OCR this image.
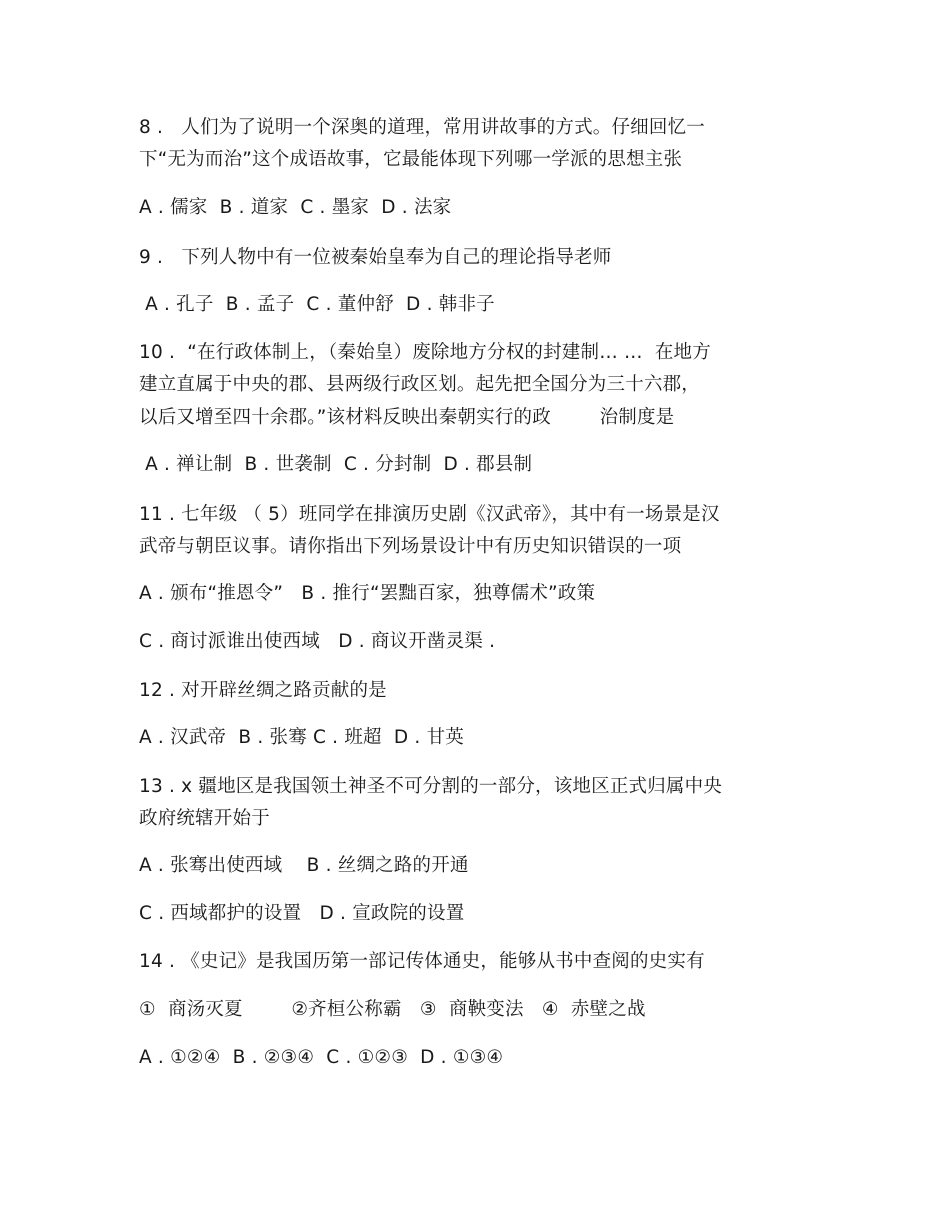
8 .   人们为了说明一个深奥的道理，常用讲故事的方式。仔细回忆一
下“无为而治”这个成语故事，它最能体现下列哪一学派的思想主张
A . 儒家  B . 道家  C . 墨家  D . 法家
9 .   下列人物中有一位被秦始皇奉为自己的理论指导老师
A . 孔子  B . 孟子  C . 董仲舒  D . 韩非子
10 .  “在行政体制上，（秦始皇）废除地方分权的封建制… …  在地方
建立直属于中央的郡、县两级行政区划。起先把全国分为三十六郡，
以后又增至四十余郡。”该材料反映出秦朝实行的政        治制度是
A . 禅让制  B . 世袭制  C . 分封制  D . 郡县制
11 . 七年级 （ 5）班同学在排演历史剧《汉武帝》，其中有一场景是汉
武帝与朝臣议事。请你指出下列场景设计中有历史知识错误的一项
A . 颁布“推恩令”   B . 推行“罢黜百家，独尊儒术”政策
C . 商讨派谁出使西域   D . 商议开凿灵渠 .
12 . 对开辟丝绸之路贡献的是
A . 汉武帝  B . 张骞 C . 班超  D . 甘英
13 . x 疆地区是我国领土神圣不可分割的一部分，该地区正式归属中央
政府统辖开始于
A . 张骞出使西域    B . 丝绸之路的开通
C . 西域都护的设置   D . 宣政院的设置
14 . 《史记》是我国历第一部记传体通史，能够从书中查阅的史实有
①  商汤灭夏        ②齐桓公称霸   ③  商鞅变法   ④  赤壁之战
A . ①②④  B . ②③④  C . ①②③  D . ①③④
